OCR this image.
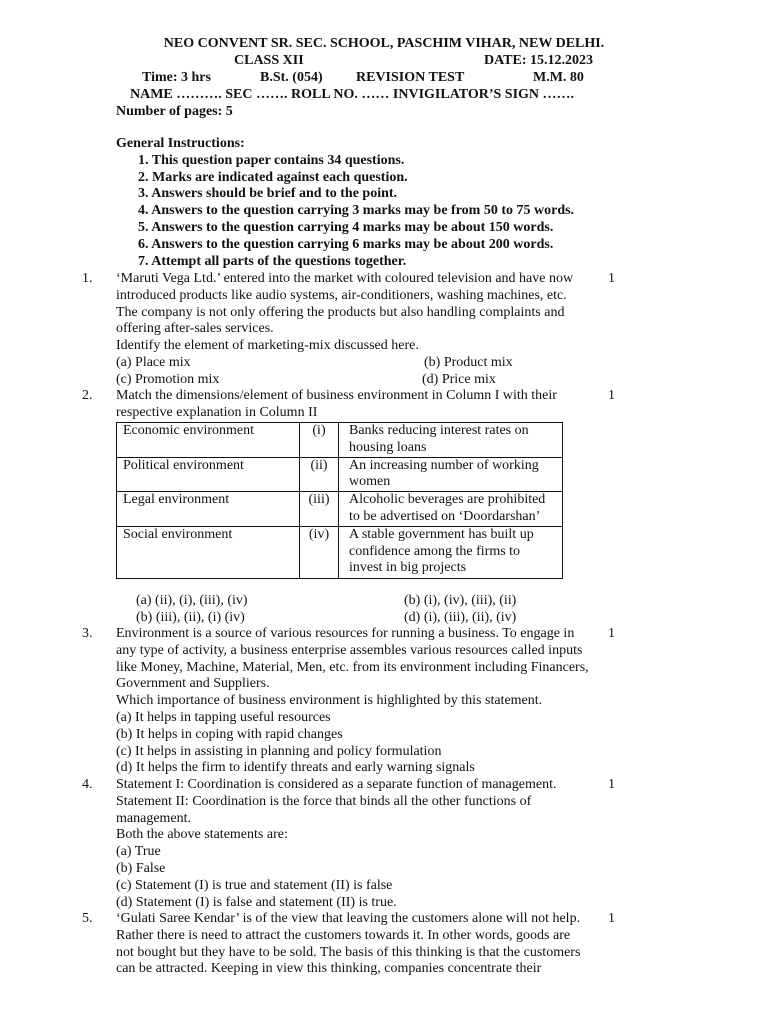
NEO CONVENT SR. SEC. SCHOOL, PASCHIM VIHAR, NEW DELHI.
CLASS XII	DATE: 15.12.2023
Time: 3 hrs	B.St. (054) REVISION TEST	M.M. 80
NAME ………. SEC ……. ROLL NO. …… INVIGILATOR’S SIGN …….
Number of pages: 5
General Instructions:
1. This question paper contains 34 questions.
2. Marks are indicated against each question.
3. Answers should be brief and to the point.
4. Answers to the question carrying 3 marks may be from 50 to 75 words.
5. Answers to the question carrying 4 marks may be about 150 words.
6. Answers to the question carrying 6 marks may be about 200 words.
7. Attempt all parts of the questions together.
1.	1

‘Maruti Vega Ltd.’ entered into the market with coloured television and have now

introduced products like audio systems, air-conditioners, washing machines, etc.

The company is not only offering the products but also handling complaints and

offering after-sales services.

Identify the element of marketing-mix discussed here.

(a) Place mix	(b) Product mix
(c) Promotion mix	(d) Price mix
2.	1

Match the dimensions/element of business environment in Column I with their

respective explanation in Column II

Economic environment	(i)	Banks reducing interest rates on housing loans
Political environment	(ii)	An increasing number of working women
Legal environment	(iii)	Alcoholic beverages are prohibited to be advertised on ‘Doordarshan’
Social environment	(iv)	A stable government has built up confidence among the firms to invest in big projects
(a) (ii), (i), (iii), (iv)	(b) (i), (iv), (iii), (ii)
(b) (iii), (ii), (i) (iv)	(d) (i), (iii), (ii), (iv)
3.	1

Environment is a source of various resources for running a business. To engage in

any type of activity, a business enterprise assembles various resources called inputs

like Money, Machine, Material, Men, etc. from its environment including Financers,

Government and Suppliers.

Which importance of business environment is highlighted by this statement.

(a) It helps in tapping useful resources

(b) It helps in coping with rapid changes

(c) It helps in assisting in planning and policy formulation

(d) It helps the firm to identify threats and early warning signals

4.	1

Statement I: Coordination is considered as a separate function of management.

Statement II: Coordination is the force that binds all the other functions of

management.

Both the above statements are:

(a) True

(b) False

(c) Statement (I) is true and statement (II) is false

(d) Statement (I) is false and statement (II) is true.

5.	1

‘Gulati Saree Kendar’ is of the view that leaving the customers alone will not help.

Rather there is need to attract the customers towards it. In other words, goods are

not bought but they have to be sold. The basis of this thinking is that the customers

can be attracted. Keeping in view this thinking, companies concentrate their
